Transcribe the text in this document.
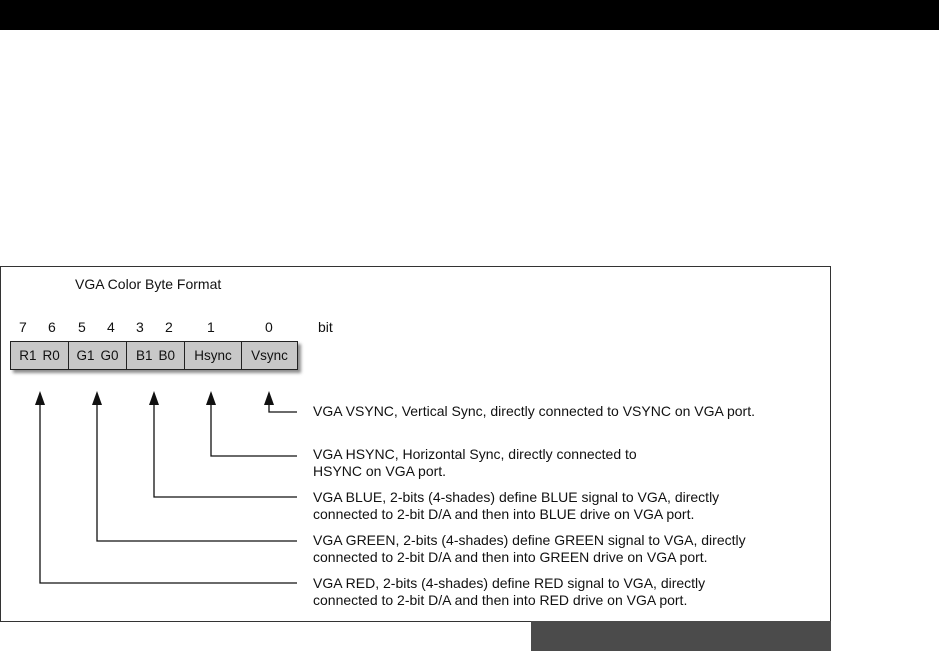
VGA Color Byte Format
7 6 5 4 3 2 1	0	bit
R1 R0 G1 G0 B1 B0 Hsync Vsync
VGA VSYNC, Vertical Sync, directly connected to VSYNC on VGA port.
VGA HSYNC, Horizontal Sync, directly connected to
HSYNC on VGA port.
VGA BLUE, 2-bits (4-shades) define BLUE signal to VGA, directly
connected to 2-bit D/A and then into BLUE drive on VGA port.
VGA GREEN, 2-bits (4-shades) define GREEN signal to VGA, directly
connected to 2-bit D/A and then into GREEN drive on VGA port.
VGA RED, 2-bits (4-shades) define RED signal to VGA, directly
connected to 2-bit D/A and then into RED drive on VGA port.
